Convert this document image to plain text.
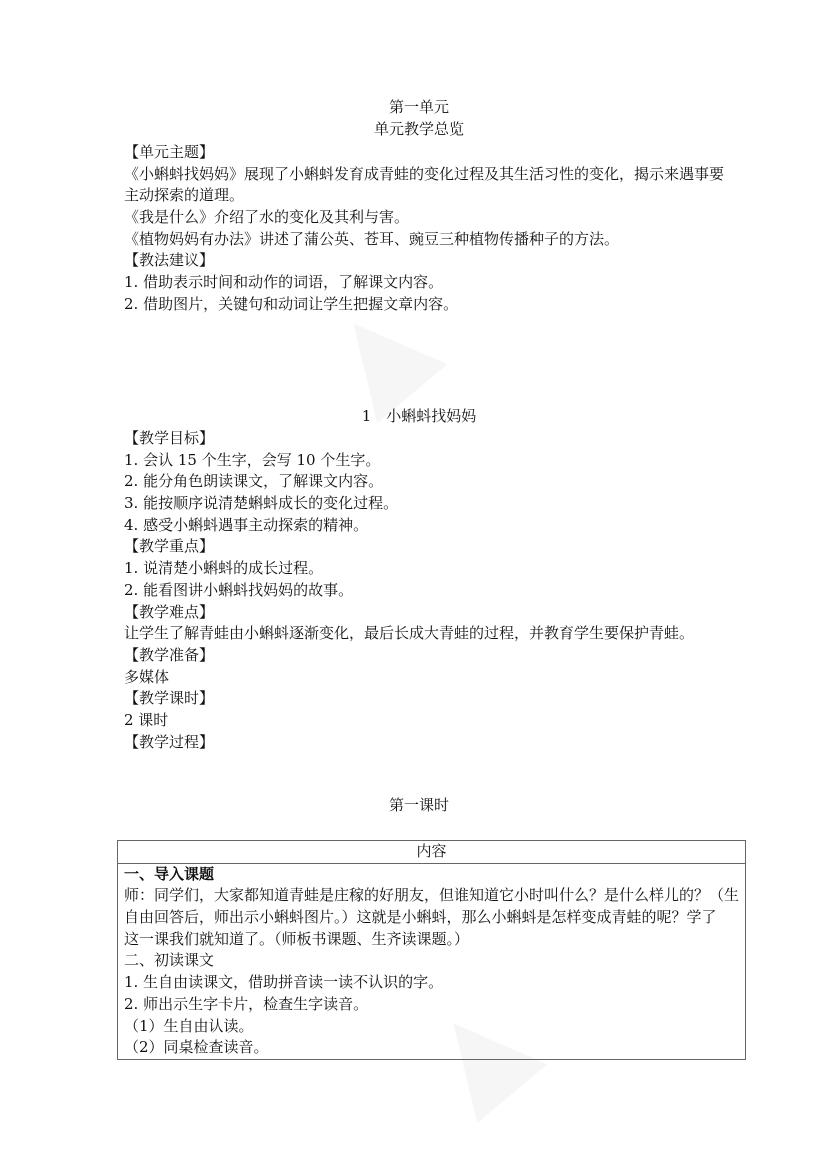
第一单元
单元教学总览
【单元主题】
《小蝌蚪找妈妈》展现了小蝌蚪发育成青蛙的变化过程及其生活习性的变化，揭示来遇事要
主动探索的道理。
《我是什么》介绍了水的变化及其利与害。
《植物妈妈有办法》讲述了蒲公英、苍耳、豌豆三种植物传播种子的方法。
【教法建议】
1. 借助表示时间和动作的词语，了解课文内容。
2. 借助图片，关键句和动词让学生把握文章内容。
1　小蝌蚪找妈妈
【教学目标】
1. 会认 15 个生字，会写 10 个生字。
2. 能分角色朗读课文，了解课文内容。
3. 能按顺序说清楚蝌蚪成长的变化过程。
4. 感受小蝌蚪遇事主动探索的精神。
【教学重点】
1. 说清楚小蝌蚪的成长过程。
2. 能看图讲小蝌蚪找妈妈的故事。
【教学难点】
让学生了解青蛙由小蝌蚪逐渐变化，最后长成大青蛙的过程，并教育学生要保护青蛙。
【教学准备】
多媒体
【教学课时】
2 课时
【教学过程】
第一课时
内容

一、导入课题
师：同学们，大家都知道青蛙是庄稼的好朋友，但谁知道它小时叫什么？是什么样儿的？（生
自由回答后，师出示小蝌蚪图片。）这就是小蝌蚪，那么小蝌蚪是怎样变成青蛙的呢？学了
这一课我们就知道了。（师板书课题、生齐读课题。）
二、初读课文
1. 生自由读课文，借助拼音读一读不认识的字。
2. 师出示生字卡片，检查生字读音。
（1）生自由认读。
（2）同桌检查读音。
